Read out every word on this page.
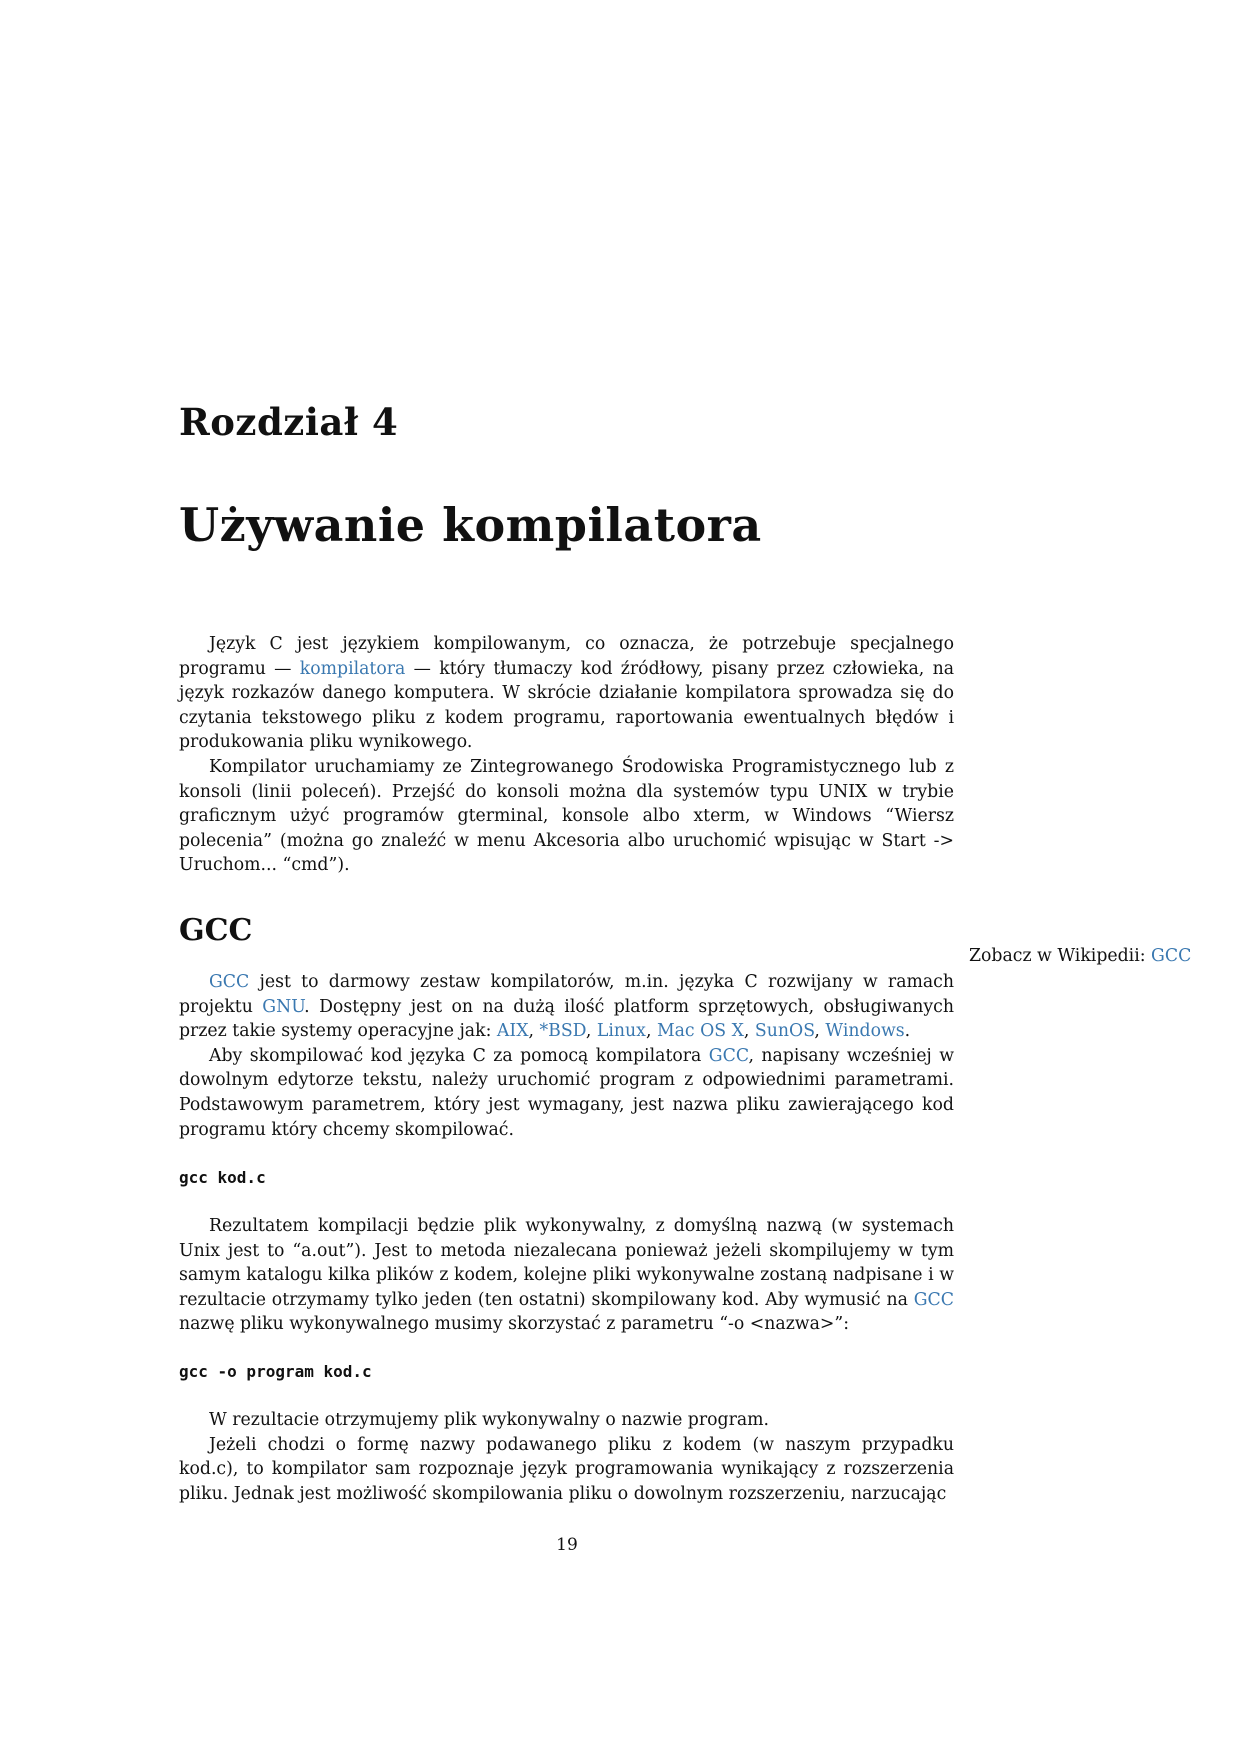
Rozdział 4
Używanie kompilatora

Język C jest językiem kompilowanym, co oznacza, że potrzebuje specjalnego programu — kompilatora — który tłumaczy kod źródłowy, pisany przez człowieka, na język rozkazów danego komputera. W skrócie działanie kompilatora sprowadza się do czytania tekstowego pliku z kodem programu, raportowania ewentualnych błędów i produkowania pliku wynikowego.

Kompilator uruchamiamy ze Zintegrowanego Środowiska Programistycznego lub z konsoli (linii poleceń). Przejść do konsoli można dla systemów typu UNIX w trybie graficznym użyć programów gterminal, konsole albo xterm, w Windows “Wiersz polecenia” (można go znaleźć w menu Akcesoria albo uruchomić wpisując w Start -> Uruchom... “cmd”).

GCC
Zobacz w Wikipedii: GCC

GCC jest to darmowy zestaw kompilatorów, m.in. języka C rozwijany w ramach projektu GNU. Dostępny jest on na dużą ilość platform sprzętowych, obsługiwanych przez takie systemy operacyjne jak: AIX, *BSD, Linux, Mac OS X, SunOS, Windows.

Aby skompilować kod języka C za pomocą kompilatora GCC, napisany wcześniej w dowolnym edytorze tekstu, należy uruchomić program z odpowiednimi parametrami. Podstawowym parametrem, który jest wymagany, jest nazwa pliku zawierającego kod programu który chcemy skompilować.

gcc kod.c

Rezultatem kompilacji będzie plik wykonywalny, z domyślną nazwą (w systemach Unix jest to “a.out”). Jest to metoda niezalecana ponieważ jeżeli skompilujemy w tym samym katalogu kilka plików z kodem, kolejne pliki wykonywalne zostaną nadpisane i w rezultacie otrzymamy tylko jeden (ten ostatni) skompilowany kod. Aby wymusić na GCC nazwę pliku wykonywalnego musimy skorzystać z parametru “-o <nazwa>”:

gcc -o program kod.c

W rezultacie otrzymujemy plik wykonywalny o nazwie program.

Jeżeli chodzi o formę nazwy podawanego pliku z kodem (w naszym przypadku kod.c), to kompilator sam rozpoznaje język programowania wynikający z rozszerzenia pliku. Jednak jest możliwość skompilowania pliku o dowolnym rozszerzeniu, narzucając

19
